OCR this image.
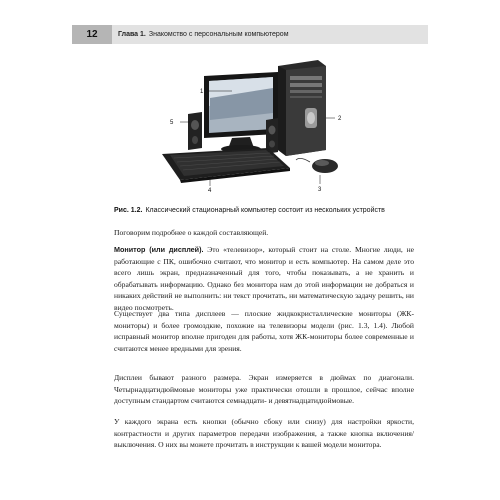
12	Глава 1. Знакомство с персональным компьютером
1
2
3
4
5
Рис. 1.2. Классический стационарный компьютер состоит из нескольких устройств
Поговорим подробнее о каждой составляющей.
Монитор (или дисплей). Это «телевизор», который стоит на столе. Многие люди, не работающие с ПК, ошибочно считают, что монитор и есть компьютер. На самом деле это всего лишь экран, предназначенный для того, чтобы показывать, а не хранить и обрабатывать информацию. Однако без монитора нам до этой информации не добраться и никаких действий не выполнить: ни текст прочитать, ни математическую задачу решить, ни видео посмотреть.
Существует два типа дисплеев — плоские жидкокристаллические мониторы (ЖК-мониторы) и более громоздкие, похожие на телевизоры модели (рис. 1.3, 1.4). Любой исправный монитор вполне пригоден для работы, хотя ЖК-мониторы более современные и считаются менее вредными для зрения.
Дисплеи бывают разного размера. Экран измеряется в дюймах по диагонали. Четырнадцатидюймовые мониторы уже практически отошли в прошлое, сейчас вполне доступным стандартом считаются семнадцати- и девятнадцатидюймовые.
У каждого экрана есть кнопки (обычно сбоку или снизу) для настройки яркости, контрастности и других параметров передачи изображения, а также кнопка включения/выключения. О них вы можете прочитать в инструкции к вашей модели монитора.
